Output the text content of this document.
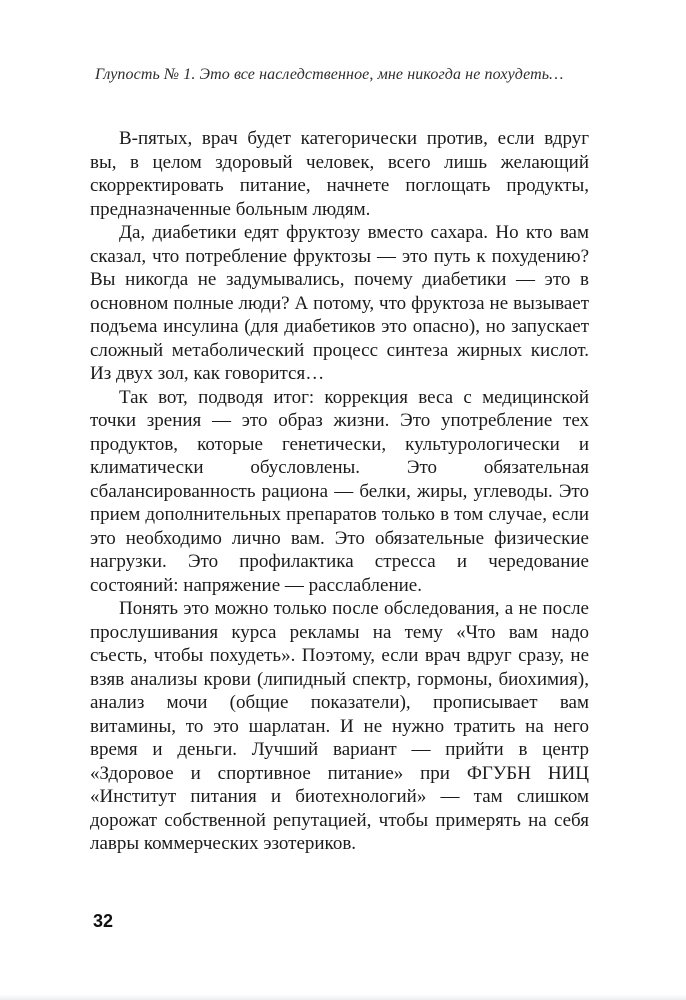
Глупость № 1. Это все наследственное, мне никогда не похудеть…

В-пятых, врач будет категорически против, если вдруг вы, в целом здоровый человек, всего лишь желающий скорректировать питание, начнете поглощать продукты, предназначенные больным людям.

Да, диабетики едят фруктозу вместо сахара. Но кто вам сказал, что потребление фруктозы — это путь к похудению? Вы никогда не задумывались, почему диабетики — это в основном полные люди? А потому, что фруктоза не вызывает подъема инсулина (для диабетиков это опасно), но запускает сложный метаболический процесс синтеза жирных кислот. Из двух зол, как говорится…

Так вот, подводя итог: коррекция веса с медицинской точки зрения — это образ жизни. Это употребление тех продуктов, которые генетически, культурологически и климатически обусловлены. Это обязательная сбалансированность рациона — белки, жиры, углеводы. Это прием дополнительных препаратов только в том случае, если это необходимо лично вам. Это обязательные физические нагрузки. Это профилактика стресса и чередование состояний: напряжение — расслабление.

Понять это можно только после обследования, а не после прослушивания курса рекламы на тему «Что вам надо съесть, чтобы похудеть». Поэтому, если врач вдруг сразу, не взяв анализы крови (липидный спектр, гормоны, биохимия), анализ мочи (общие показатели), прописывает вам витамины, то это шарлатан. И не нужно тратить на него время и деньги. Лучший вариант — прийти в центр «Здоровое и спортивное питание» при ФГУБН НИЦ «Институт питания и биотехнологий» — там слишком дорожат собственной репутацией, чтобы примерять на себя лавры коммерческих эзотериков.

32
